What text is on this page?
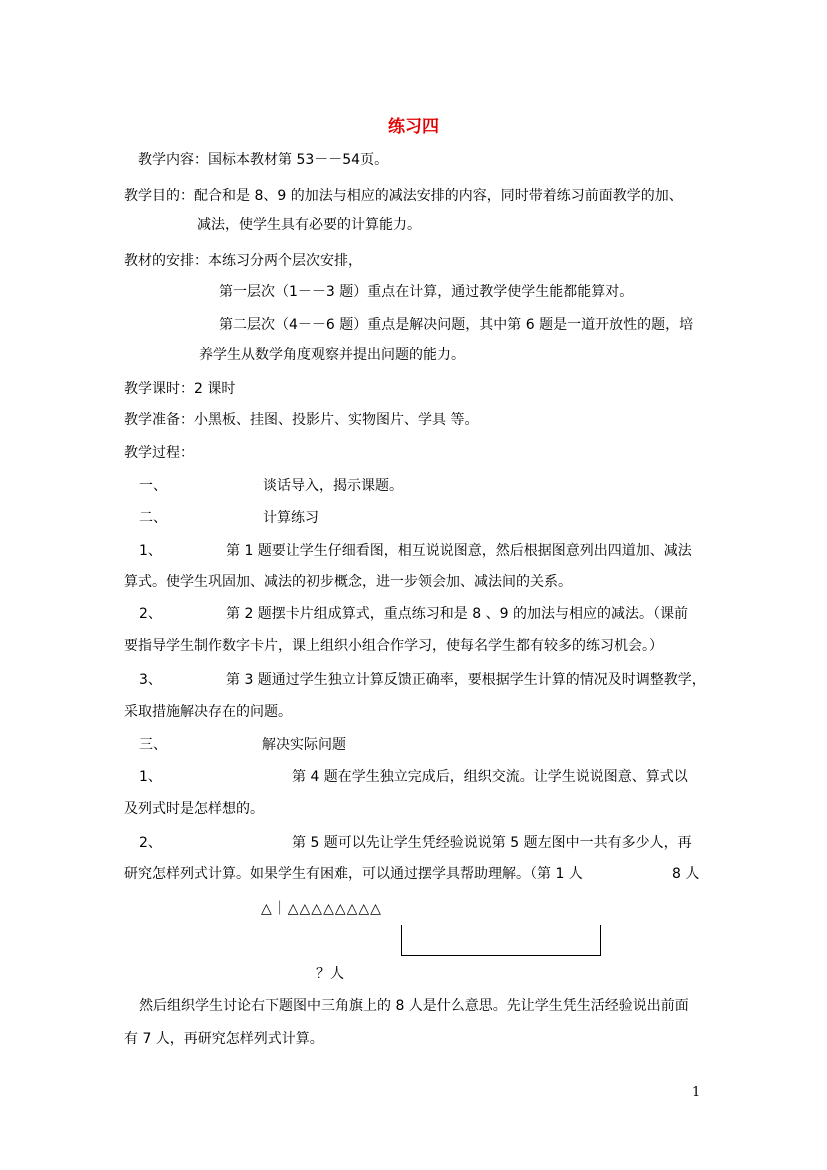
练习四
教学内容：国标本教材第 53－－54页。
教学目的：配合和是 8、9 的加法与相应的减法安排的内容，同时带着练习前面教学的加、
减法，使学生具有必要的计算能力。
教材的安排：本练习分两个层次安排，
第一层次（1－－3 题）重点在计算，通过教学使学生能都能算对。
第二层次（4－－6 题）重点是解决问题，其中第 6 题是一道开放性的题，培
养学生从数学角度观察并提出问题的能力。
教学课时：2 课时
教学准备：小黑板、挂图、投影片、实物图片、学具 等。
教学过程：
一、	谈话导入，揭示课题。
二、	计算练习
1、	第 1 题要让学生仔细看图，相互说说图意，然后根据图意列出四道加、减法
算式。使学生巩固加、减法的初步概念，进一步领会加、减法间的关系。
2、	第 2 题摆卡片组成算式，重点练习和是 8 、9 的加法与相应的减法。（课前
要指导学生制作数字卡片，课上组织小组合作学习，使每名学生都有较多的练习机会。）
3、	第 3 题通过学生独立计算反馈正确率，要根据学生计算的情况及时调整教学，
采取措施解决存在的问题。
三、	解决实际问题
1、	第 4 题在学生独立完成后，组织交流。让学生说说图意、算式以
及列式时是怎样想的。
2、	第 5 题可以先让学生凭经验说说第 5 题左图中一共有多少人，再
研究怎样列式计算。如果学生有困难，可以通过摆学具帮助理解。（第 1 人	8 人
△｜△△△△△△△△
？人
然后组织学生讨论右下题图中三角旗上的 8 人是什么意思。先让学生凭生活经验说出前面
有 7 人，再研究怎样列式计算。
1
